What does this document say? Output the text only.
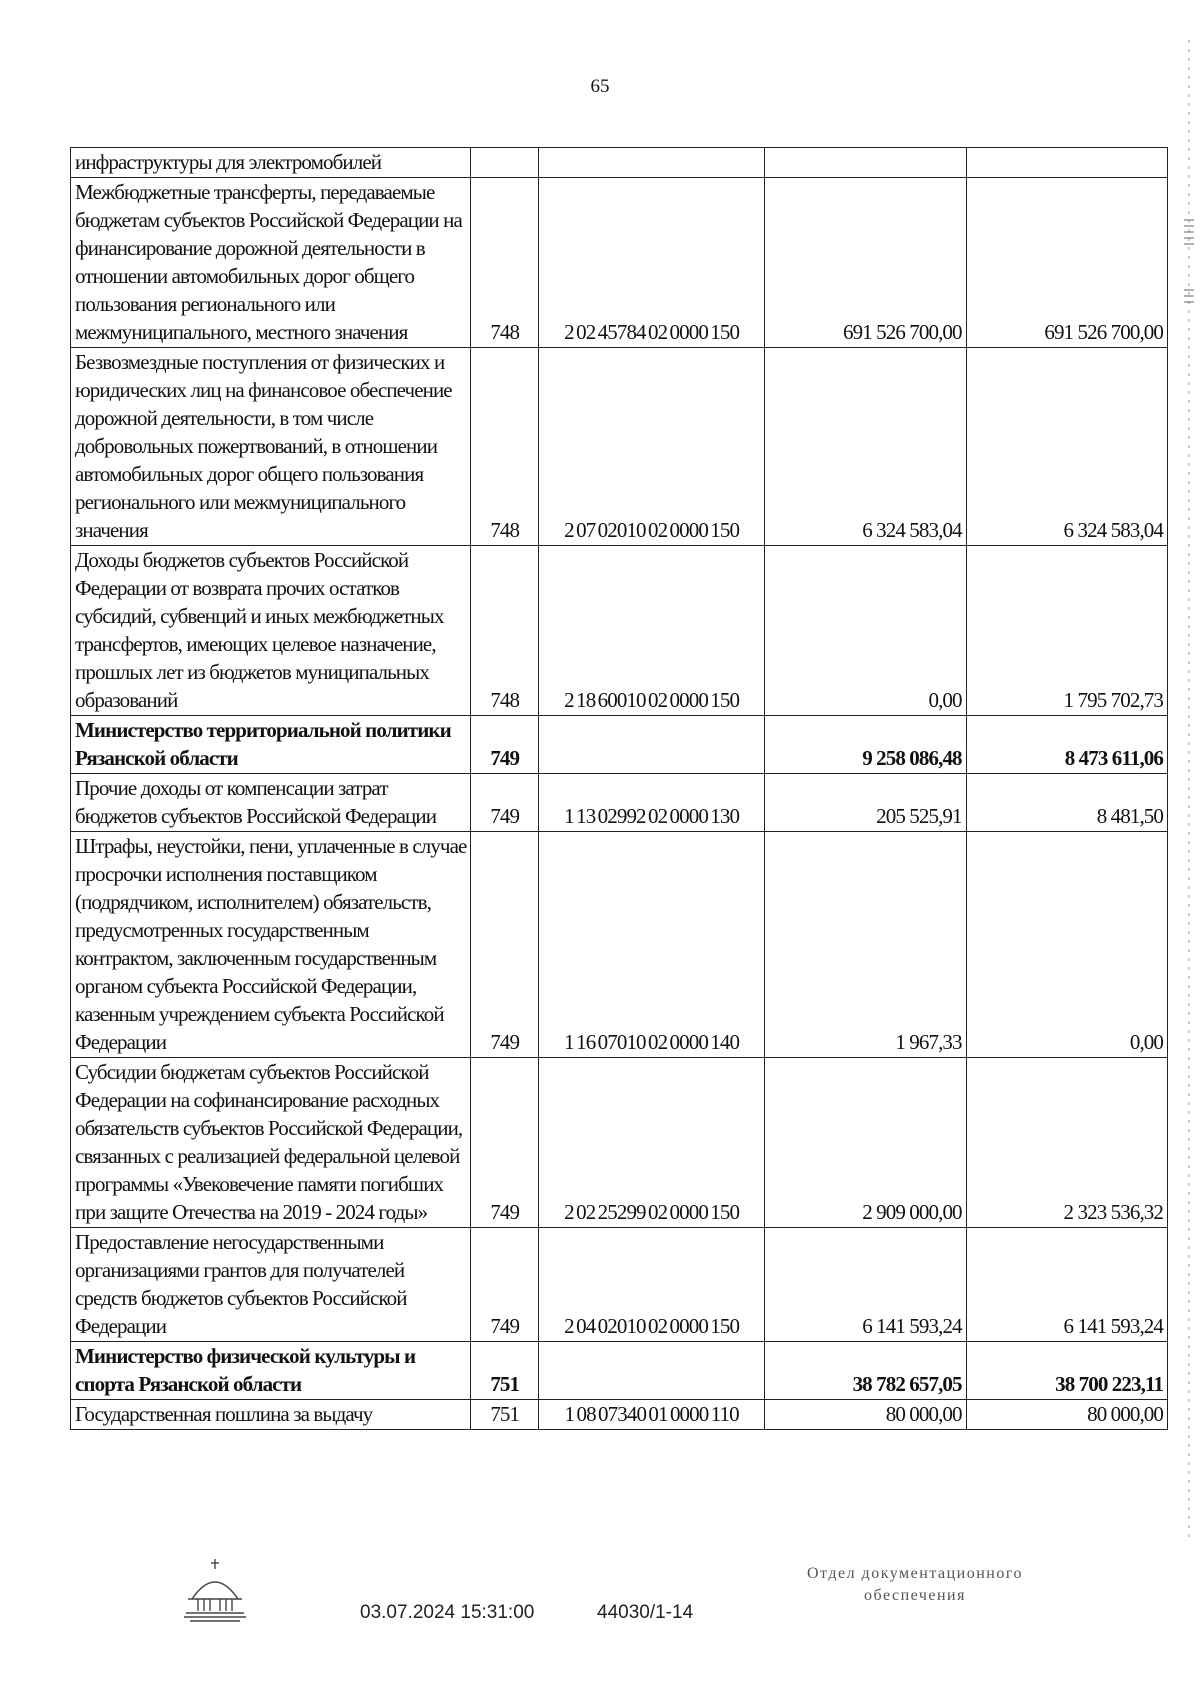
65
инфраструктуры для электромобилей				
Межбюджетные трансферты, передаваемые бюджетам субъектов Российской Федерации на финансирование дорожной деятельности в отношении автомобильных дорог общего пользования регионального или межмуниципального, местного значения	748	2 02 45784 02 0000 150	691 526 700,00	691 526 700,00
Безвозмездные поступления от физических и юридических лиц на финансовое обеспечение дорожной деятельности, в том числе добровольных пожертвований, в отношении автомобильных дорог общего пользования регионального или межмуниципального значения	748	2 07 02010 02 0000 150	6 324 583,04	6 324 583,04
Доходы бюджетов субъектов Российской Федерации от возврата прочих остатков субсидий, субвенций и иных межбюджетных трансфертов, имеющих целевое назначение, прошлых лет из бюджетов муниципальных образований	748	2 18 60010 02 0000 150	0,00	1 795 702,73
Министерство территориальной политики Рязанской области	749		9 258 086,48	8 473 611,06
Прочие доходы от компенсации затрат бюджетов субъектов Российской Федерации	749	1 13 02992 02 0000 130	205 525,91	8 481,50
Штрафы, неустойки, пени, уплаченные в случае просрочки исполнения поставщиком (подрядчиком, исполнителем) обязательств, предусмотренных государственным контрактом, заключенным государственным органом субъекта Российской Федерации, казенным учреждением субъекта Российской Федерации	749	1 16 07010 02 0000 140	1 967,33	0,00
Субсидии бюджетам субъектов Российской Федерации на софинансирование расходных обязательств субъектов Российской Федерации, связанных с реализацией федеральной целевой программы «Увековечение памяти погибших при защите Отечества на 2019 - 2024 годы»	749	2 02 25299 02 0000 150	2 909 000,00	2 323 536,32
Предоставление негосударственными организациями грантов для получателей средств бюджетов субъектов Российской Федерации	749	2 04 02010 02 0000 150	6 141 593,24	6 141 593,24
Министерство физической культуры и спорта Рязанской области	751		38 782 657,05	38 700 223,11
Государственная пошлина за выдачу	751	1 08 07340 01 0000 110	80 000,00	80 000,00
03.07.2024 15:31:00	44030/1-14
Отдел документационного
обеспечения
